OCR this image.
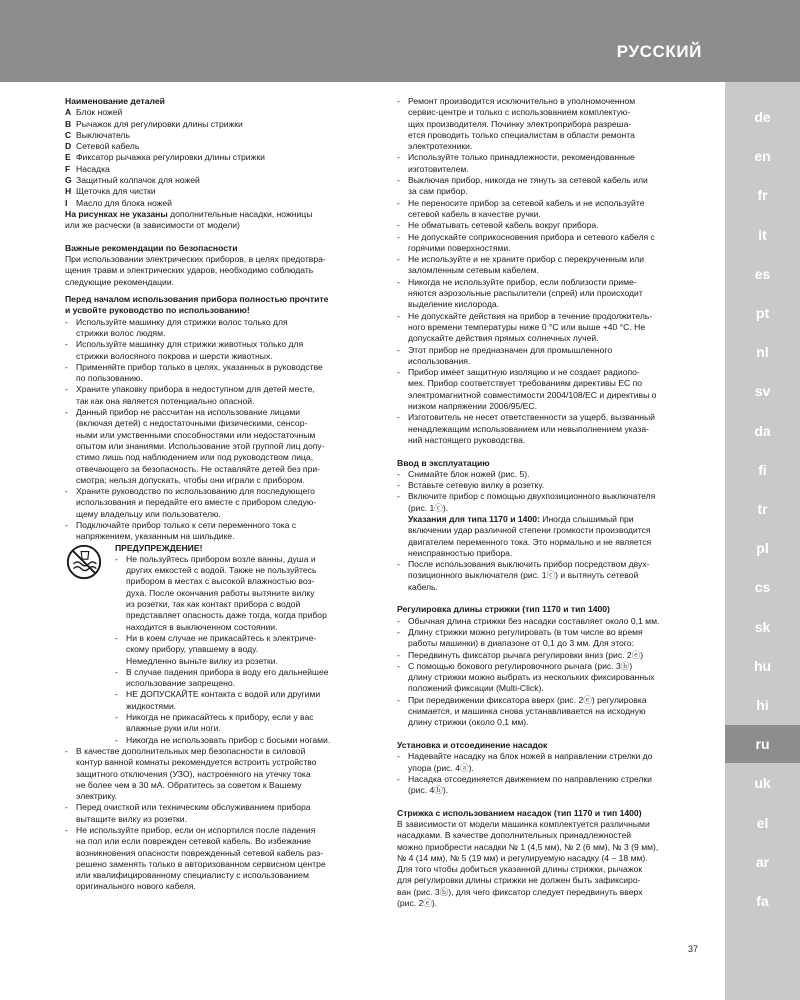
РУССКИЙ
de
en
fr
it
es
pt
nl
sv
da
fi
tr
pl
cs
sk
hu
hi
ru
uk
el
ar
fa

Наименование деталей

A Блок ножей

B Рычажок для регулировки длины стрижки

C Выключатель

D Сетевой кабель

E Фиксатор рычажка регулировки длины стрижки

F Насадка

G Защитный колпачок для ножей

H Щеточка для чистки

I Масло для блока ножей

На рисунках не указаны дополнительные насадки, ножницы

или же расчески (в зависимости от модели)

Важные рекомендации по безопасности

При использовании электрических приборов, в целях предотвра-

щения травм и электрических ударов, необходимо соблюдать

следующие рекомендации.

Перед началом использования прибора полностью прочтите

и усвойте руководство по использованию!

- Используйте машинку для стрижки волос только для

стрижки волос людям.

- Используйте машинку для стрижки животных только для

стрижки волосяного покрова и шерсти животных.

- Применяйте прибор только в целях, указанных в руководстве

по пользованию.

- Храните упаковку прибора в недоступном для детей месте,

так как она является потенциально опасной.

- Данный прибор не рассчитан на использование лицами

(включая детей) с недостаточными физическими, сенсор-

ными или умственными способностями или недостаточным

опытом или знаниями. Использование этой группой лиц допу-

стимо лишь под наблюдением или под руководством лица,

отвечающего за безопасность. Не оставляйте детей без при-

смотра; нельзя допускать, чтобы они играли с прибором.

- Храните руководство по использованию для последующего

использования и передайте его вместе с прибором следую-

щему владельцу или пользователю.

- Подключайте прибор только к сети переменного тока с

напряжением, указанным на шильдике.

ПРЕДУПРЕЖДЕНИЕ!

- Не пользуйтесь прибором возле ванны, душа и

других емкостей с водой. Также не пользуйтесь

прибором в местах с высокой влажностью воз-

духа. После окончания работы вытяните вилку

из розетки, так как контакт прибора с водой

представляет опасность даже тогда, когда прибор

находится в выключенном состоянии.

- Ни в коем случае не прикасайтесь к электриче-

скому прибору, упавшему в воду.

Немедленно выньте вилку из розетки.

- В случае падения прибора в воду его дальнейшее

использование запрещено.

- НЕ ДОПУСКАЙТЕ контакта с водой или другими

жидкостями.

- Никогда не прикасайтесь к прибору, если у вас

влажные руки или ноги.

- Никогда не использовать прибор с босыми ногами.

- В качестве дополнительных мер безопасности в силовой

контур ванной комнаты рекомендуется встроить устройство

защитного отключения (УЗО), настроенного на утечку тока

не более чем в 30 мА. Обратитесь за советом к Вашему

электрику.

- Перед очисткой или техническим обслуживанием прибора

вытащите вилку из розетки.

- Не используйте прибор, если он испортился после падения

на пол или если поврежден сетевой кабель. Во избежание

возникновения опасности поврежденный сетевой кабель раз-

решено заменять только в авторизованном сервисном центре

или квалифицированному специалисту с использованием

оригинального нового кабеля.

- Ремонт производится исключительно в уполномоченном

сервис-центре и только с использованием комплектую-

щих производителя. Починку электроприбора разреша-

ется проводить только специалистам в области ремонта

электротехники.

- Используйте только принадлежности, рекомендованные

изготовителем.

- Выключая прибор, никогда не тянуть за сетевой кабель или

за сам прибор.

- Не переносите прибор за сетевой кабель и не используйте

сетевой кабель в качестве ручки.

- Не обматывать сетевой кабель вокруг прибора.

- Не допускайте соприкосновения прибора и сетевого кабеля с

горячими поверхностями.

- Не используйте и не храните прибор с перекрученным или

заломленным сетевым кабелем.

- Никогда не используйте прибор, если поблизости приме-

няются аэрозольные распылители (спрей) или происходит

выделение кислорода.

- Не допускайте действия на прибор в течение продолжитель-

ного времени температуры ниже 0 °C или выше +40 °C. Не

допускайте действия прямых солнечных лучей.

- Этот прибор не предназначен для промышленного

использования.

- Прибор имеет защитную изоляцию и не создает радиопо-

мех. Прибор соответствует требованиям директивы ЕС по

электромагнитной совместимости 2004/108/EC и директивы о

низком напряжении 2006/95/EC.

- Изготовитель не несет ответственности за ущерб, вызванный

ненадлежащим использованием или невыполнением указа-

ний настоящего руководства.

Ввод в эксплуатацию

- Снимайте блок ножей (рис. 5).

- Вставьте сетевую вилку в розетку.

- Включите прибор с помощью двухпозиционного выключателя

(рис. 1ⓒ).

Указания для типа 1170 и 1400: Иногда слышимый при

включении удар различной степени громкости производится

двигателем переменного тока. Это нормально и не является

неисправностью прибора.

- После использования выключить прибор посредством двух-

позиционного выключателя (рис. 1ⓒ) и вытянуть сетевой

кабель.

Регулировка длины стрижки (тип 1170 и тип 1400)

- Обычная длина стрижки без насадки составляет около 0,1 мм.

- Длину стрижки можно регулировать (в том числе во время

работы машинки) в диапазоне от 0,1 до 3 мм. Для этого:

- Передвинуть фиксатор рычага регулировки вниз (рис. 2ⓔ)

- С помощью бокового регулировочного рычага (рис. 3ⓑ)

длину стрижки можно выбрать из нескольких фиксированных

положений фиксации (Multi-Click).

- При передвижении фиксатора вверх (рис. 2ⓔ) регулировка

снимается, и машинка снова устанавливается на исходную

длину стрижки (около 0,1 мм).

Установка и отсоединение насадок

- Надевайте насадку на блок ножей в направлении стрелки до

упора (рис. 4ⓐ).

- Насадка отсоединяется движением по направлению стрелки

(рис. 4ⓑ).

Стрижка с использованием насадок (тип 1170 и тип 1400)

В зависимости от модели машинка комплектуется различными

насадками. В качестве дополнительных принадлежностей

можно приобрести насадки № 1 (4,5 мм), № 2 (6 мм), № 3 (9 мм),

№ 4 (14 мм), № 5 (19 мм) и регулируемую насадку (4 – 18 мм).

Для того чтобы добиться указанной длины стрижки, рычажок

для регулировки длины стрижки не должен быть зафиксиро-

ван (рис. 3ⓑ), для чего фиксатор следует передвинуть вверх

(рис. 2ⓔ).

37
